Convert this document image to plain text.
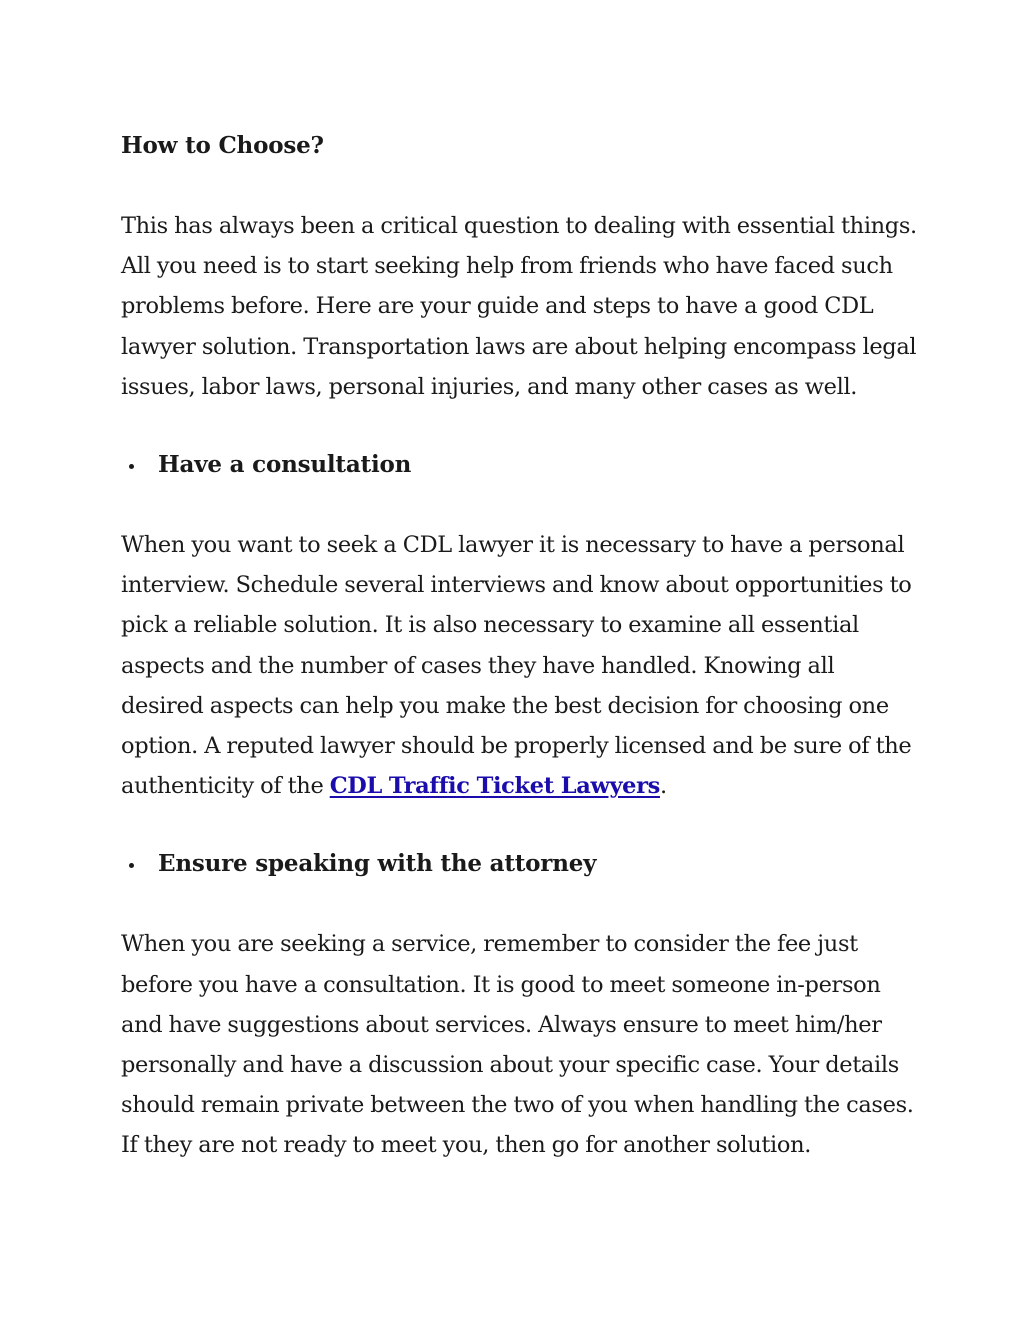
How to Choose?

This has always been a critical question to dealing with essential things. All you need is to start seeking help from friends who have faced such problems before. Here are your guide and steps to have a good CDL lawyer solution. Transportation laws are about helping encompass legal issues, labor laws, personal injuries, and many other cases as well.

Have a consultation

When you want to seek a CDL lawyer it is necessary to have a personal interview. Schedule several interviews and know about opportunities to pick a reliable solution. It is also necessary to examine all essential aspects and the number of cases they have handled. Knowing all desired aspects can help you make the best decision for choosing one option. A reputed lawyer should be properly licensed and be sure of the authenticity of the CDL Traffic Ticket Lawyers.

Ensure speaking with the attorney

When you are seeking a service, remember to consider the fee just before you have a consultation. It is good to meet someone in-person and have suggestions about services. Always ensure to meet him/her personally and have a discussion about your specific case. Your details should remain private between the two of you when handling the cases. If they are not ready to meet you, then go for another solution.
